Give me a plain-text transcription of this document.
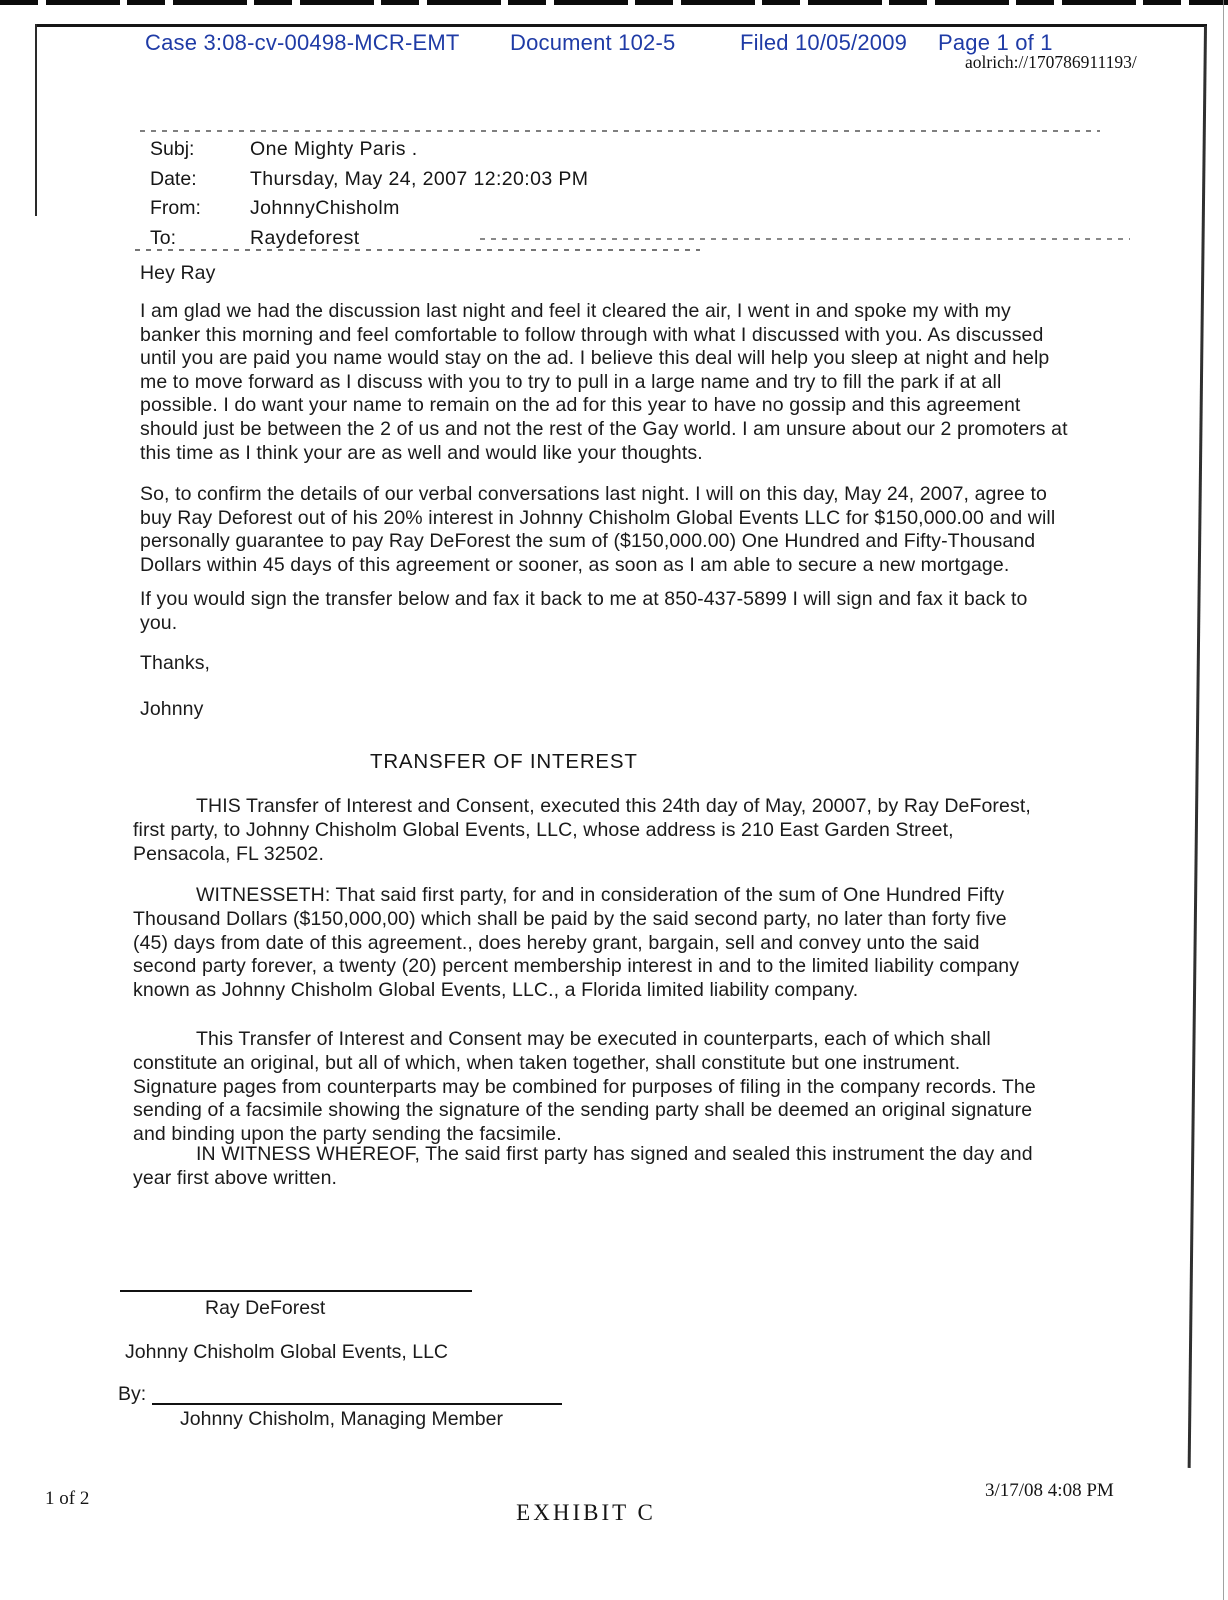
Case 3:08-cv-00498-MCR-EMT Document 102-5	Filed 10/05/2009 Page 1 of 1
aolrich://170786911193/
Subj:	One Mighty Paris .
Date:	Thursday, May 24, 2007 12:20:03 PM
From:	JohnnyChisholm
To:	Raydeforest
Hey Ray
I am glad we had the discussion last night and feel it cleared the air, I went in and spoke my with my banker this morning and feel comfortable to follow through with what I discussed with you. As discussed until you are paid you name would stay on the ad. I believe this deal will help you sleep at night and help me to move forward as I discuss with you to try to pull in a large name and try to fill the park if at all possible. I do want your name to remain on the ad for this year to have no gossip and this agreement should just be between the 2 of us and not the rest of the Gay world. I am unsure about our 2 promoters at this time as I think your are as well and would like your thoughts.
So, to confirm the details of our verbal conversations last night. I will on this day, May 24, 2007, agree to buy Ray Deforest out of his 20% interest in Johnny Chisholm Global Events LLC for $150,000.00 and will personally guarantee to pay Ray DeForest the sum of ($150,000.00) One Hundred and Fifty-Thousand Dollars within 45 days of this agreement or sooner, as soon as I am able to secure a new mortgage.
If you would sign the transfer below and fax it back to me at 850-437-5899 I will sign and fax it back to you.
Thanks,
Johnny
TRANSFER OF INTEREST
THIS Transfer of Interest and Consent, executed this 24th day of May, 20007, by Ray DeForest, first party, to Johnny Chisholm Global Events, LLC, whose address is 210 East Garden Street, Pensacola, FL 32502.
WITNESSETH: That said first party, for and in consideration of the sum of One Hundred Fifty Thousand Dollars ($150,000,00) which shall be paid by the said second party, no later than forty five (45) days from date of this agreement., does hereby grant, bargain, sell and convey unto the said second party forever, a twenty (20) percent membership interest in and to the limited liability company known as Johnny Chisholm Global Events, LLC., a Florida limited liability company.
This Transfer of Interest and Consent may be executed in counterparts, each of which shall constitute an original, but all of which, when taken together, shall constitute but one instrument. Signature pages from counterparts may be combined for purposes of filing in the company records. The sending of a facsimile showing the signature of the sending party shall be deemed an original signature and binding upon the party sending the facsimile.
IN WITNESS WHEREOF, The said first party has signed and sealed this instrument the day and year first above written.
Ray DeForest
Johnny Chisholm Global Events, LLC
By:
Johnny Chisholm, Managing Member
1 of 2
EXHIBIT C
3/17/08 4:08 PM
